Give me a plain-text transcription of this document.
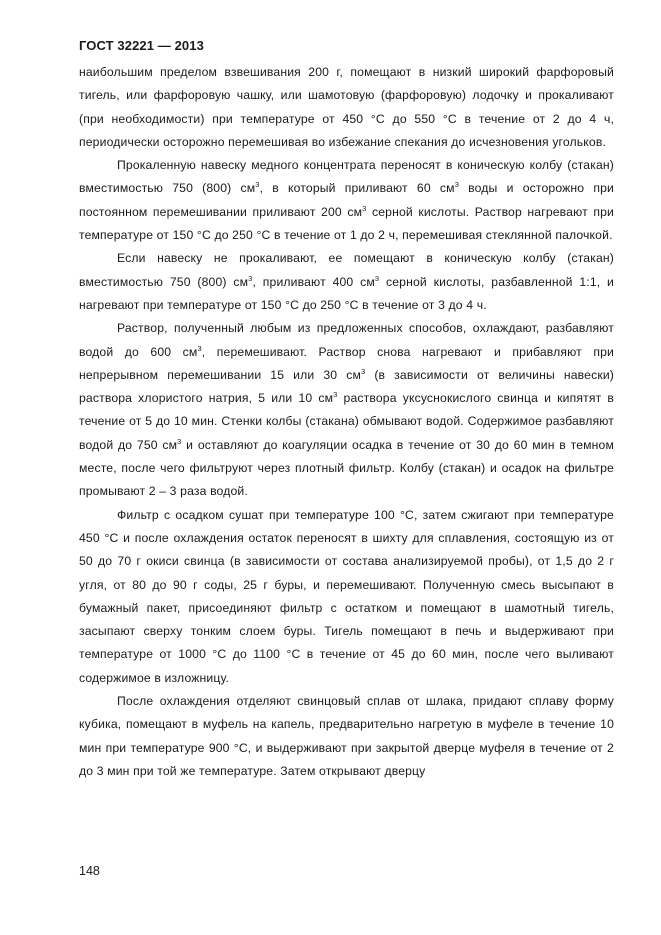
ГОСТ 32221 — 2013

наибольшим пределом взвешивания 200 г, помещают в низкий широкий фарфоровый тигель, или фарфоровую чашку, или шамотовую (фарфоровую) лодочку и прокаливают (при необходимости) при температуре от 450 °С до 550 °С в течение от 2 до 4 ч, периодически осторожно перемешивая во избежание спекания до исчезновения угольков.

Прокаленную навеску медного концентрата переносят в коническую колбу (стакан) вместимостью 750 (800) $см^3$, в который приливают 60 $см^3$ воды и осторожно при постоянном перемешивании приливают 200 $см^3$ серной кислоты. Раствор нагревают при температуре от 150 °С до 250 °С в течение от 1 до 2 ч, перемешивая стеклянной палочкой.

Если навеску не прокаливают, ее помещают в коническую колбу (стакан) вместимостью 750 (800) $см^3$, приливают 400 $см^3$ серной кислоты, разбавленной 1:1, и нагревают при температуре от 150 °С до 250 °С в течение от 3 до 4 ч.

Раствор, полученный любым из предложенных способов, охлаждают, разбавляют водой до 600 $см^3$, перемешивают. Раствор снова нагревают и прибавляют при непрерывном перемешивании 15 или 30 $см^3$ (в зависимости от величины навески) раствора хлористого натрия, 5 или 10 $см^3$ раствора уксуснокислого свинца и кипятят в течение от 5 до 10 мин. Стенки колбы (стакана) обмывают водой. Содержимое разбавляют водой до 750 $см^3$ и оставляют до коагуляции осадка в течение от 30 до 60 мин в темном месте, после чего фильтруют через плотный фильтр. Колбу (стакан) и осадок на фильтре промывают 2 – 3 раза водой.

Фильтр с осадком сушат при температуре 100 °С, затем сжигают при температуре 450 °С и после охлаждения остаток переносят в шихту для сплавления, состоящую из от 50 до 70 г окиси свинца (в зависимости от состава анализируемой пробы), от 1,5 до 2 г угля, от 80 до 90 г соды, 25 г буры, и перемешивают. Полученную смесь высыпают в бумажный пакет, присоединяют фильтр с остатком и помещают в шамотный тигель, засыпают сверху тонким слоем буры. Тигель помещают в печь и выдерживают при температуре от 1000 °С до 1100 °С в течение от 45 до 60 мин, после чего выливают содержимое в изложницу.

После охлаждения отделяют свинцовый сплав от шлака, придают сплаву форму кубика, помещают в муфель на капель, предварительно нагретую в муфеле в течение 10 мин при температуре 900 °С, и выдерживают при закрытой дверце муфеля в течение от 2 до 3 мин при той же температуре. Затем открывают дверцу

148
